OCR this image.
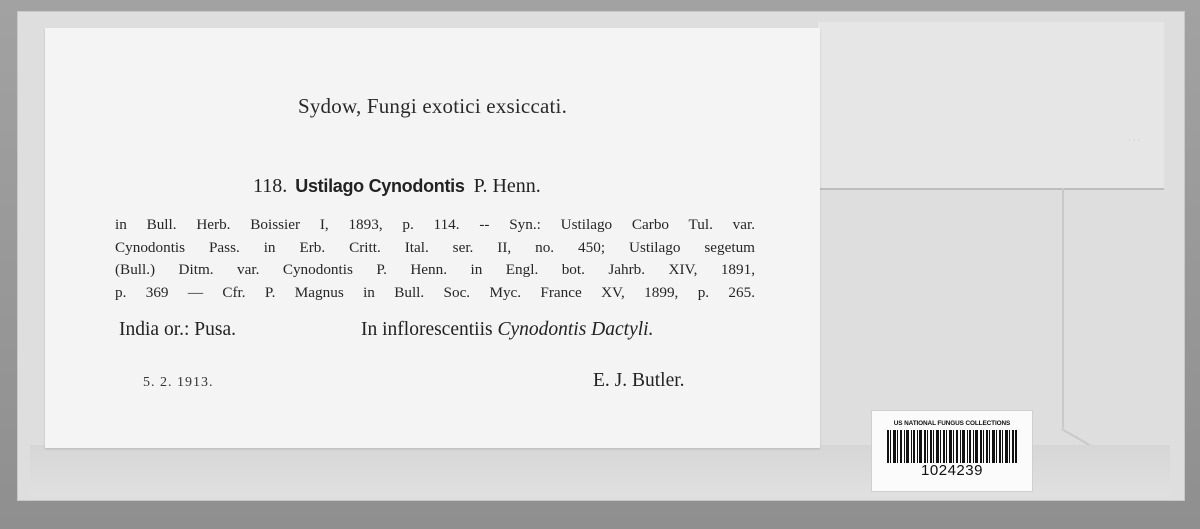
· · ·
Sydow, Fungi exotici exsiccati.
118. Ustilago Cynodontis P. Henn.
in Bull. Herb. Boissier I, 1893, p. 114. -- Syn.: Ustilago Carbo Tul. var.
Cynodontis Pass. in Erb. Critt. Ital. ser. II, no. 450; Ustilago segetum
(Bull.) Ditm. var. Cynodontis P. Henn. in Engl. bot. Jahrb. XIV, 1891,
p. 369 — Cfr. P. Magnus in Bull. Soc. Myc. France XV, 1899, p. 265.
India or.: Pusa.	In inflorescentiis Cynodontis Dactyli.
5. 2. 1913.	E. J. Butler.
US NATIONAL FUNGUS COLLECTIONS
1024239
